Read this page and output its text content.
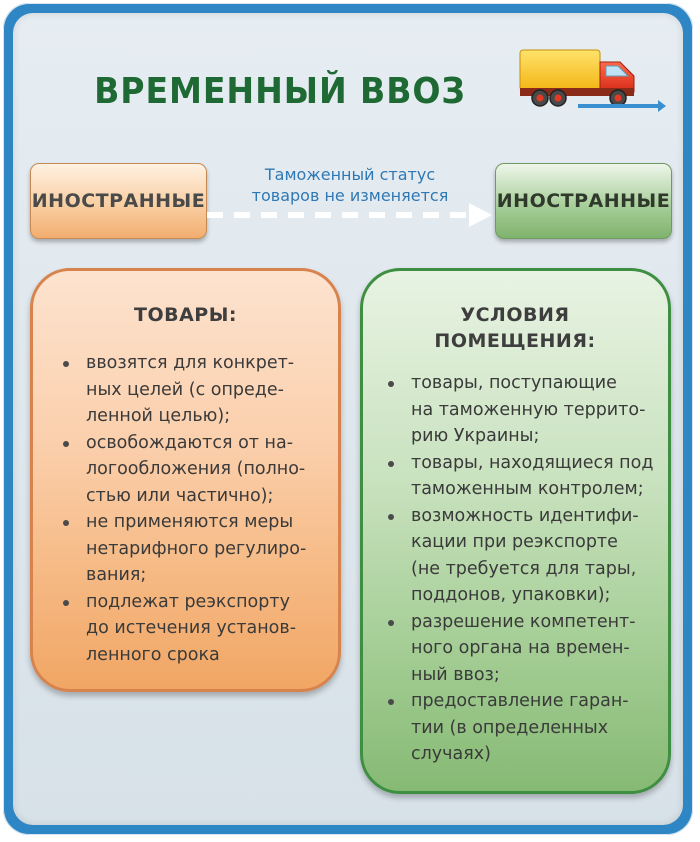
ВРЕМЕННЫЙ ВВОЗ
ИНОСТРАННЫЕ
Таможенный статус
товаров не изменяется	ИНОСТРАННЫЕ
ТОВАРЫ:
ввозятся для конкрет-
ных целей (с опреде-
ленной целью);
освобождаются от на-
логообложения (полно-
стью или частично);
не применяются меры
нетарифного регулиро-
вания;
подлежат реэкспорту
до истечения установ-
ленного срока
УСЛОВИЯ
ПОМЕЩЕНИЯ:
товары, поступающие
на таможенную террито-
рию Украины;
товары, находящиеся под
таможенным контролем;
возможность идентифи-
кации при реэкспорте
(не требуется для тары,
поддонов, упаковки);
разрешение компетент-
ного органа на времен-
ный ввоз;
предоставление гаран-
тии (в определенных
случаях)
